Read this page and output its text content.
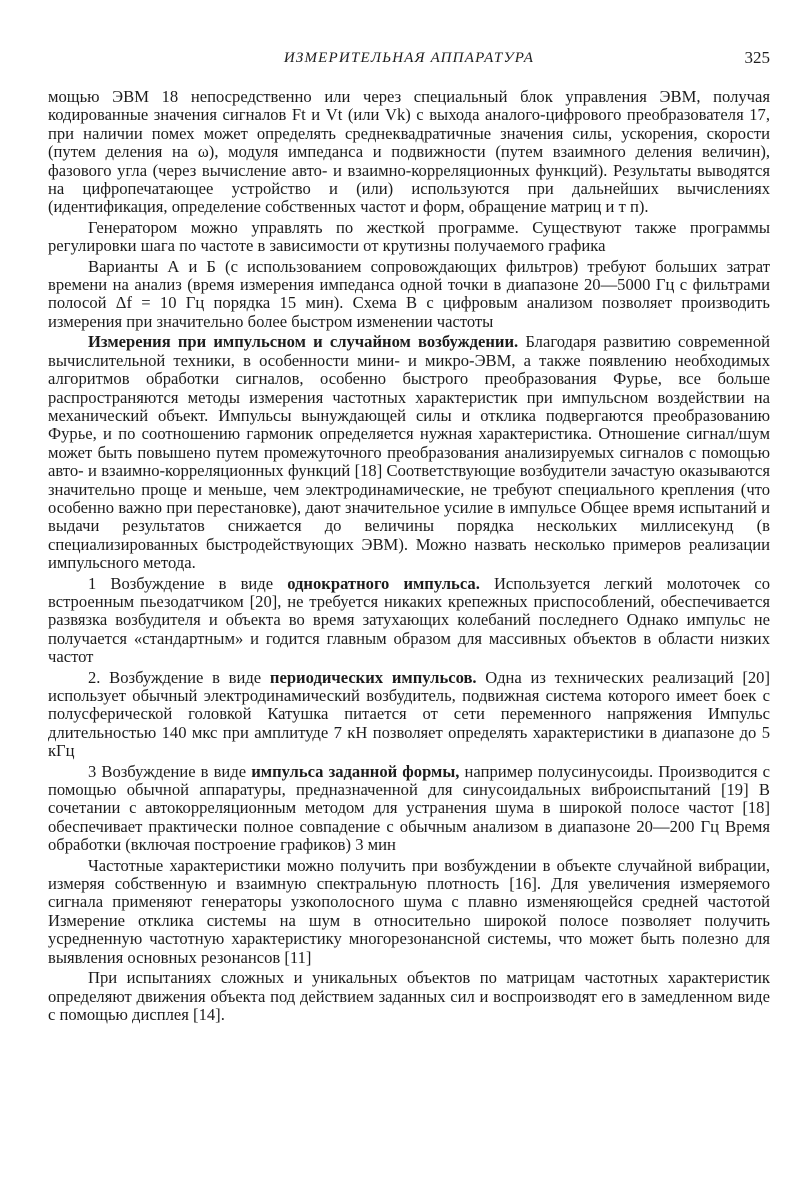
ИЗМЕРИТЕЛЬНАЯ АППАРАТУРА	325

мощью ЭВМ 18 непосредственно или через специальный блок управления ЭВМ, получая кодированные значения сигналов Ft и Vt (или Vk) с выхода аналого-цифрового преобразователя 17, при наличии помех может определять среднеквадратичные значения силы, ускорения, скорости (путем деления на ω), модуля импеданса и подвижности (путем взаимного деления величин), фазового угла (через вычисление авто- и взаимно-корреляционных функций). Результаты выводятся на цифропечатающее устройство и (или) используются при дальнейших вычислениях (идентификация, определение собственных частот и форм, обращение матриц и т п).

Генератором можно управлять по жесткой программе. Существуют также программы регулировки шага по частоте в зависимости от крутизны получаемого графика

Варианты А и Б (с использованием сопровождающих фильтров) требуют больших затрат времени на анализ (время измерения импеданса одной точки в диапазоне 20—5000 Гц с фильтрами полосой Δf = 10 Гц порядка 15 мин). Схема В с цифровым анализом позволяет производить измерения при значительно более быстром изменении частоты

Измерения при импульсном и случайном возбуждении. Благодаря развитию современной вычислительной техники, в особенности мини- и микро-ЭВМ, а также появлению необходимых алгоритмов обработки сигналов, особенно быстрого преобразования Фурье, все больше распространяются методы измерения частотных характеристик при импульсном воздействии на механический объект. Импульсы вынуждающей силы и отклика подвергаются преобразованию Фурье, и по соотношению гармоник определяется нужная характеристика. Отношение сигнал/шум может быть повышено путем промежуточного преобразования анализируемых сигналов с помощью авто- и взаимно-корреляционных функций [18] Соответствующие возбудители зачастую оказываются значительно проще и меньше, чем электродинамические, не требуют специального крепления (что особенно важно при перестановке), дают значительное усилие в импульсе Общее время испытаний и выдачи результатов снижается до величины порядка нескольких миллисекунд (в специализированных быстродействующих ЭВМ). Можно назвать несколько примеров реализации импульсного метода.

1 Возбуждение в виде однократного импульса. Используется легкий молоточек со встроенным пьезодатчиком [20], не требуется никаких крепежных приспособлений, обеспечивается развязка возбудителя и объекта во время затухающих колебаний последнего Однако импульс не получается «стандартным» и годится главным образом для массивных объектов в области низких частот

2. Возбуждение в виде периодических импульсов. Одна из технических реализаций [20] использует обычный электродинамический возбудитель, подвижная система которого имеет боек с полусферической головкой Катушка питается от сети переменного напряжения Импульс длительностью 140 мкс при амплитуде 7 кН позволяет определять характеристики в диапазоне до 5 кГц

3 Возбуждение в виде импульса заданной формы, например полусинусоиды. Производится с помощью обычной аппаратуры, предназначенной для синусоидальных виброиспытаний [19] В сочетании с автокорреляционным методом для устранения шума в широкой полосе частот [18] обеспечивает практически полное совпадение с обычным анализом в диапазоне 20—200 Гц Время обработки (включая построение графиков) 3 мин

Частотные характеристики можно получить при возбуждении в объекте случайной вибрации, измеряя собственную и взаимную спектральную плотность [16]. Для увеличения измеряемого сигнала применяют генераторы узкополосного шума с плавно изменяющейся средней частотой Измерение отклика системы на шум в относительно широкой полосе позволяет получить усредненную частотную характеристику многорезонансной системы, что может быть полезно для выявления основных резонансов [11]

При испытаниях сложных и уникальных объектов по матрицам частотных характеристик определяют движения объекта под действием заданных сил и воспроизводят его в замедленном виде с помощью дисплея [14].
